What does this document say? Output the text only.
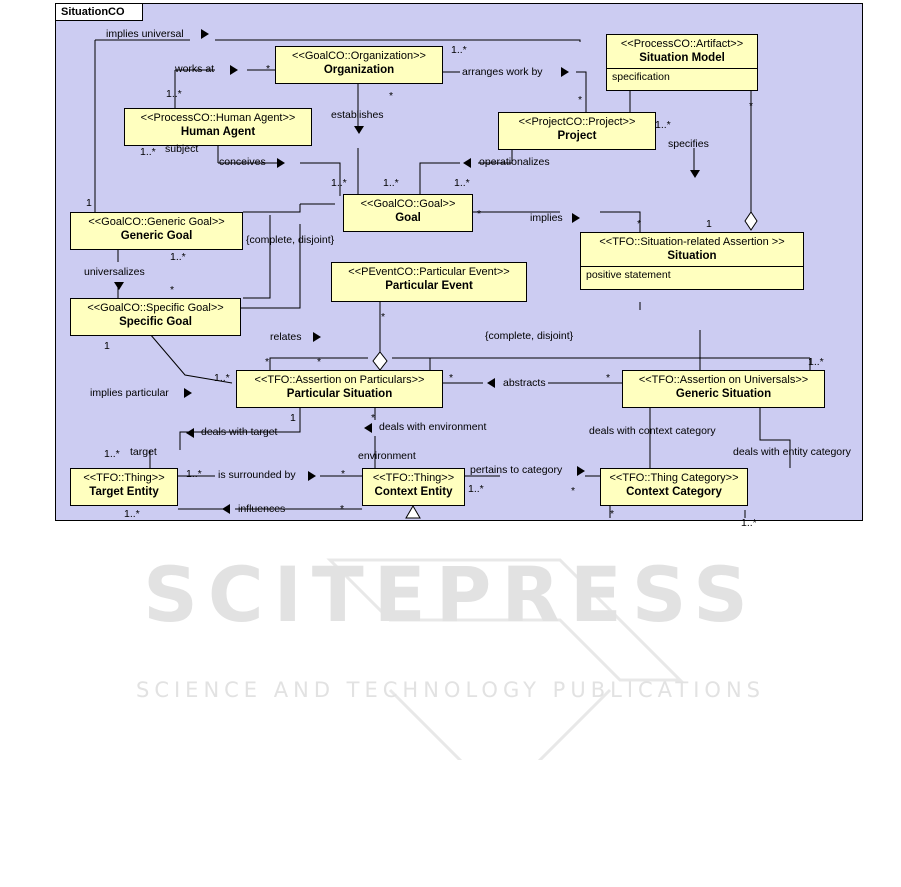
SituationCO
<<GoalCO::Organization>>
Organization
<<ProcessCO::Artifact>>
Situation Model
specification
<<ProcessCO::Human Agent>>
Human Agent
<<ProjectCO::Project>>
Project
<<GoalCO::Goal>>
Goal
<<GoalCO::Generic Goal>>
Generic Goal	<<TFO::Situation-related Assertion >>
Situation
positive statement
<<PEventCO::Particular Event>>
Particular Event
<<GoalCO::Specific Goal>>
Specific Goal
<<TFO::Assertion on Particulars>>
Particular Situation
<<TFO::Assertion on Universals>>
Generic Situation
<<TFO::Thing>>
Target Entity
<<TFO::Thing>>
Context Entity
<<TFO::Thing Category>>
Context Category
implies universal
works at	arranges work by
establishes
subject
conceives	operationalizes
specifies
implies
universalizes
relates
{complete, disjoint}
{complete, disjoint}
implies particular
abstracts
deals with target	deals with environment	deals with context category
deals with entity category
target	environment
is surrounded by	pertains to category
influences
1..*
*
1..*	*	*
1..*
*
1..*
1..*	1..*	1..*
1
*
*	1
1..*
*
*
1
1
*	*
1..*	*
1..*
*
*
1..*
1..*
1..*
1..*
*
*
*	*
1..*
SCITEPRESS
SCIENCE AND TECHNOLOGY PUBLICATIONS
